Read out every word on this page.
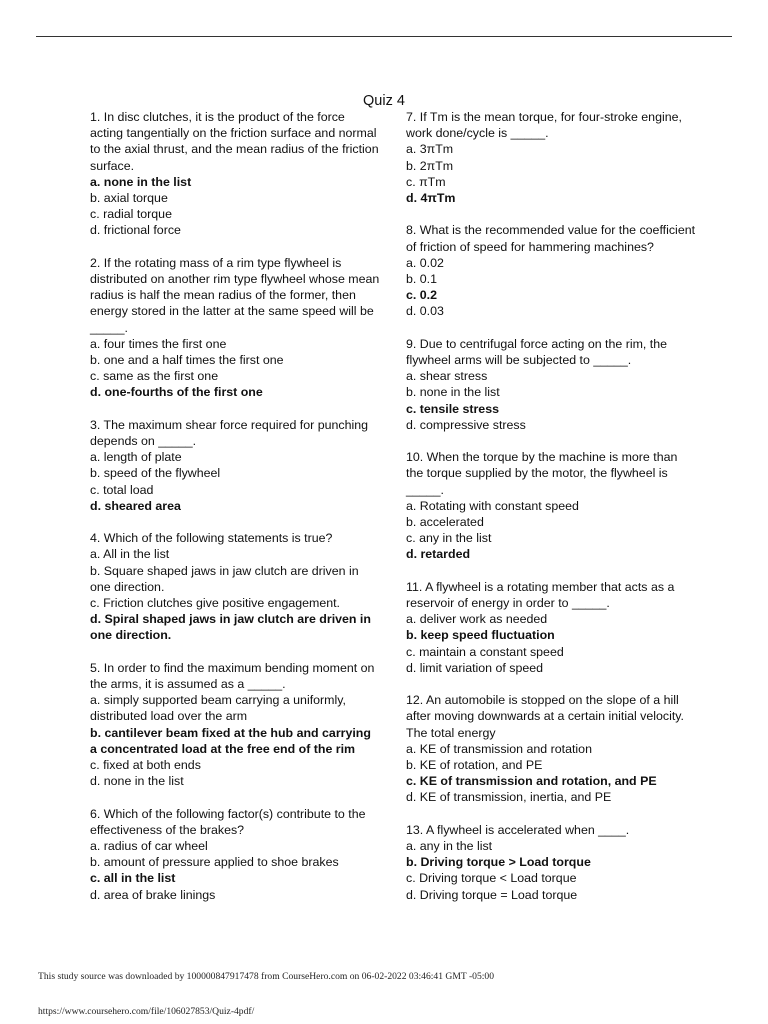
Quiz 4
1. In disc clutches, it is the product of the force acting tangentially on the friction surface and normal to the axial thrust, and the mean radius of the friction surface.
a. none in the list
b. axial torque
c. radial torque
d. frictional force
2. If the rotating mass of a rim type flywheel is distributed on another rim type flywheel whose mean radius is half the mean radius of the former, then energy stored in the latter at the same speed will be _____.
a. four times the first one
b. one and a half times the first one
c. same as the first one
d. one-fourths of the first one
3. The maximum shear force required for punching depends on _____.
a. length of plate
b. speed of the flywheel
c. total load
d. sheared area
4. Which of the following statements is true?
a. All in the list
b. Square shaped jaws in jaw clutch are driven in one direction.
c. Friction clutches give positive engagement.
d. Spiral shaped jaws in jaw clutch are driven in one direction.
5. In order to find the maximum bending moment on the arms, it is assumed as a _____.
a. simply supported beam carrying a uniformly, distributed load over the arm
b. cantilever beam fixed at the hub and carrying a concentrated load at the free end of the rim
c. fixed at both ends
d. none in the list
6. Which of the following factor(s) contribute to the effectiveness of the brakes?
a. radius of car wheel
b. amount of pressure applied to shoe brakes
c. all in the list
d. area of brake linings
7. If Tm is the mean torque, for four-stroke engine, work done/cycle is _____.
a. 3πTm
b. 2πTm
c. πTm
d. 4πTm
8. What is the recommended value for the coefficient of friction of speed for hammering machines?
a. 0.02
b. 0.1
c. 0.2
d. 0.03
9. Due to centrifugal force acting on the rim, the flywheel arms will be subjected to _____.
a. shear stress
b. none in the list
c. tensile stress
d. compressive stress
10. When the torque by the machine is more than the torque supplied by the motor, the flywheel is _____.
a. Rotating with constant speed
b. accelerated
c. any in the list
d. retarded
11. A flywheel is a rotating member that acts as a reservoir of energy in order to _____.
a. deliver work as needed
b. keep speed fluctuation
c. maintain a constant speed
d. limit variation of speed
12. An automobile is stopped on the slope of a hill after moving downwards at a certain initial velocity. The total energy
a. KE of transmission and rotation
b. KE of rotation, and PE
c. KE of transmission and rotation, and PE
d. KE of transmission, inertia, and PE
13. A flywheel is accelerated when ____.
a. any in the list
b. Driving torque > Load torque
c. Driving torque < Load torque
d. Driving torque = Load torque
This study source was downloaded by 100000847917478 from CourseHero.com on 06-02-2022 03:46:41 GMT -05:00
https://www.coursehero.com/file/106027853/Quiz-4pdf/
